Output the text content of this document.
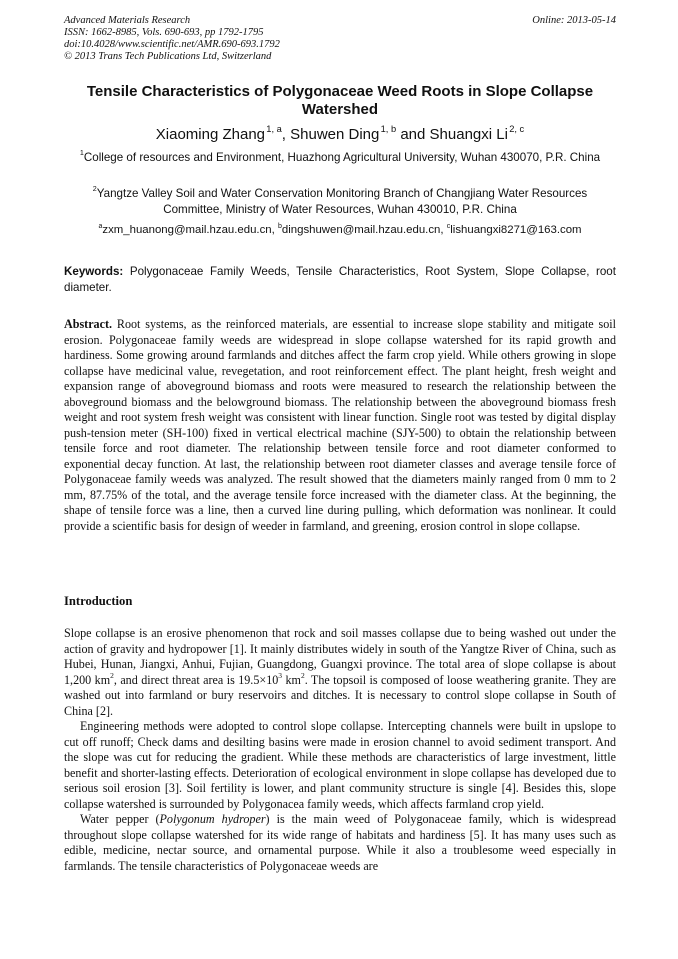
Advanced Materials Research
ISSN: 1662-8985, Vols. 690-693, pp 1792-1795
doi:10.4028/www.scientific.net/AMR.690-693.1792
© 2013 Trans Tech Publications Ltd, Switzerland
Online: 2013-05-14
Tensile Characteristics of Polygonaceae Weed Roots in Slope Collapse Watershed
Xiaoming Zhang $^{1, a}$, Shuwen Ding $^{1, b}$ and Shuangxi Li $^{2, c}$
$^1$College of resources and Environment, Huazhong Agricultural University, Wuhan 430070, P.R. China
$^2$Yangtze Valley Soil and Water Conservation Monitoring Branch of Changjiang Water Resources Committee, Ministry of Water Resources, Wuhan 430010, P.R. China
$^a$zxm_huanong@mail.hzau.edu.cn, $^b$dingshuwen@mail.hzau.edu.cn, $^c$lishuangxi8271@163.com
Keywords: Polygonaceae Family Weeds, Tensile Characteristics, Root System, Slope Collapse, root diameter.
Abstract. Root systems, as the reinforced materials, are essential to increase slope stability and mitigate soil erosion. Polygonaceae family weeds are widespread in slope collapse watershed for its rapid growth and hardiness. Some growing around farmlands and ditches affect the farm crop yield. While others growing in slope collapse have medicinal value, revegetation, and root reinforcement effect. The plant height, fresh weight and expansion range of aboveground biomass and roots were measured to research the relationship between the aboveground biomass and the belowground biomass. The relationship between the aboveground biomass fresh weight and root system fresh weight was consistent with linear function. Single root was tested by digital display push-tension meter (SH-100) fixed in vertical electrical machine (SJY-500) to obtain the relationship between tensile force and root diameter. The relationship between tensile force and root diameter conformed to exponential decay function. At last, the relationship between root diameter classes and average tensile force of Polygonaceae family weeds was analyzed. The result showed that the diameters mainly ranged from 0 mm to 2 mm, 87.75% of the total, and the average tensile force increased with the diameter class. At the beginning, the shape of tensile force was a line, then a curved line during pulling, which deformation was nonlinear. It could provide a scientific basis for design of weeder in farmland, and greening, erosion control in slope collapse.
Introduction

Slope collapse is an erosive phenomenon that rock and soil masses collapse due to being washed out under the action of gravity and hydropower [1]. It mainly distributes widely in south of the Yangtze River of China, such as Hubei, Hunan, Jiangxi, Anhui, Fujian, Guangdong, Guangxi province. The total area of slope collapse is about 1,200 $km^2$, and direct threat area is $19.5\times 10^3$ $km^2$. The topsoil is composed of loose weathering granite. They are washed out into farmland or bury reservoirs and ditches. It is necessary to control slope collapse in South of China [2].

Engineering methods were adopted to control slope collapse. Intercepting channels were built in upslope to cut off runoff; Check dams and desilting basins were made in erosion channel to avoid sediment transport. And the slope was cut for reducing the gradient. While these methods are characteristics of large investment, little benefit and shorter-lasting effects. Deterioration of ecological environment in slope collapse has developed due to serious soil erosion [3]. Soil fertility is lower, and plant community structure is single [4]. Besides this, slope collapse watershed is surrounded by Polygonacea family weeds, which affects farmland crop yield.

Water pepper (Polygonum hydroper) is the main weed of Polygonaceae family, which is widespread throughout slope collapse watershed for its wide range of habitats and hardiness [5]. It has many uses such as edible, medicine, nectar source, and ornamental purpose. While it also a troublesome weed especially in farmlands. The tensile characteristics of Polygonaceae weeds are
